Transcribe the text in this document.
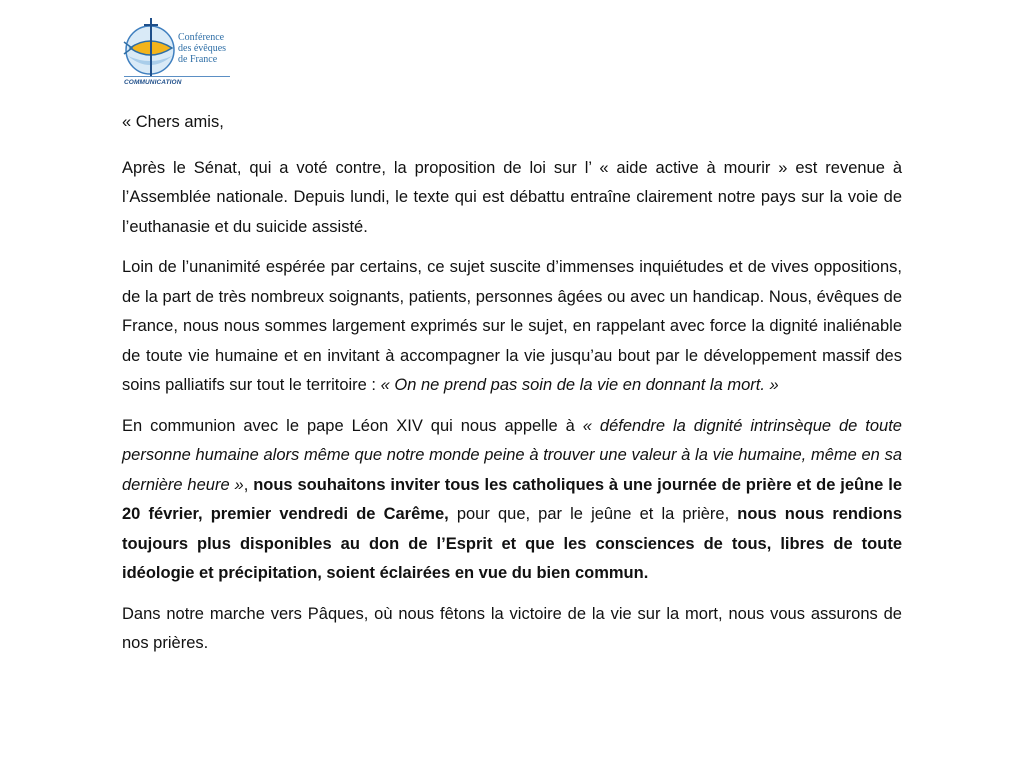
Conférence
des évêques
de France
COMMUNICATION

« Chers amis,

Après le Sénat, qui a voté contre, la proposition de loi sur l’ « aide active à mourir » est revenue à l’Assemblée nationale. Depuis lundi, le texte qui est débattu entraîne clairement notre pays sur la voie de l’euthanasie et du suicide assisté.

Loin de l’unanimité espérée par certains, ce sujet suscite d’immenses inquiétudes et de vives oppositions, de la part de très nombreux soignants, patients, personnes âgées ou avec un handicap. Nous, évêques de France, nous nous sommes largement exprimés sur le sujet, en rappelant avec force la dignité inaliénable de toute vie humaine et en invitant à accompagner la vie jusqu’au bout par le développement massif des soins palliatifs sur tout le territoire : « On ne prend pas soin de la vie en donnant la mort. »

En communion avec le pape Léon XIV qui nous appelle à « défendre la dignité intrinsèque de toute personne humaine alors même que notre monde peine à trouver une valeur à la vie humaine, même en sa dernière heure », nous souhaitons inviter tous les catholiques à une journée de prière et de jeûne le 20 février, premier vendredi de Carême, pour que, par le jeûne et la prière, nous nous rendions toujours plus disponibles au don de l’Esprit et que les consciences de tous, libres de toute idéologie et précipitation, soient éclairées en vue du bien commun.

Dans notre marche vers Pâques, où nous fêtons la victoire de la vie sur la mort, nous vous assurons de nos prières.
